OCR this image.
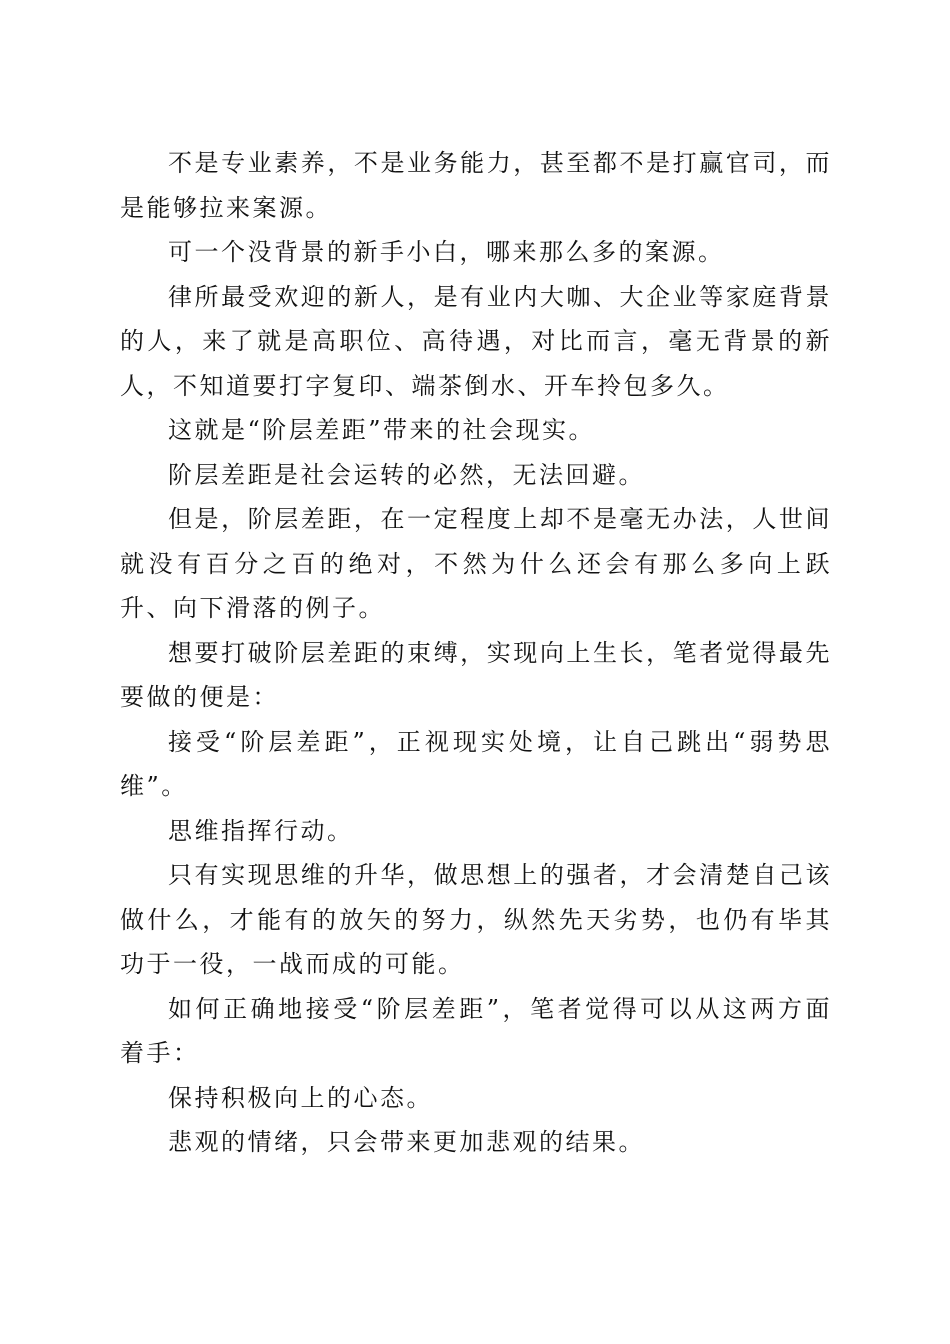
不是专业素养，不是业务能力，甚至都不是打赢官司，而是能够拉来案源。

可一个没背景的新手小白，哪来那么多的案源。

律所最受欢迎的新人，是有业内大咖、大企业等家庭背景的人，来了就是高职位、高待遇，对比而言，毫无背景的新人，不知道要打字复印、端茶倒水、开车拎包多久。

这就是“阶层差距”带来的社会现实。

阶层差距是社会运转的必然，无法回避。

但是，阶层差距，在一定程度上却不是毫无办法，人世间就没有百分之百的绝对，不然为什么还会有那么多向上跃升、向下滑落的例子。

想要打破阶层差距的束缚，实现向上生长，笔者觉得最先要做的便是：

接受“阶层差距”，正视现实处境，让自己跳出“弱势思维”。

思维指挥行动。

只有实现思维的升华，做思想上的强者，才会清楚自己该做什么，才能有的放矢的努力，纵然先天劣势，也仍有毕其功于一役，一战而成的可能。

如何正确地接受“阶层差距”，笔者觉得可以从这两方面着手：

保持积极向上的心态。

悲观的情绪，只会带来更加悲观的结果。
